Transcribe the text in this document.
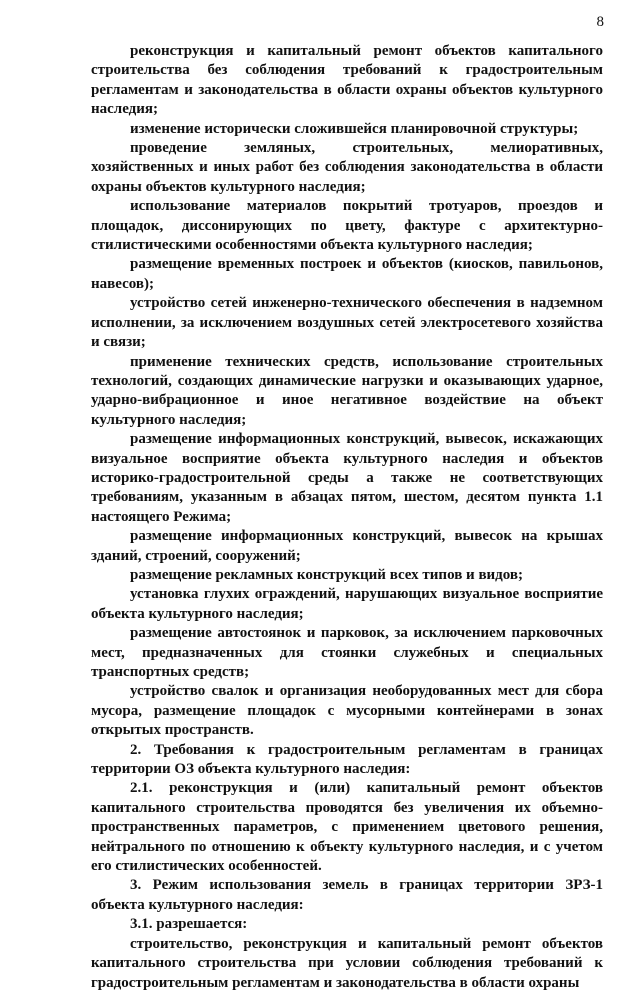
8

реконструкция и капитальный ремонт объектов капитального строительства без соблюдения требований к градостроительным регламентам и законодательства в области охраны объектов культурного наследия;

изменение исторически сложившейся планировочной структуры;

проведение земляных, строительных, мелиоративных, хозяйственных и иных работ без соблюдения законодательства в области охраны объектов культурного наследия;

использование материалов покрытий тротуаров, проездов и площадок, диссонирующих по цвету, фактуре с архитектурно-стилистическими особенностями объекта культурного наследия;

размещение временных построек и объектов (киосков, павильонов, навесов);

устройство сетей инженерно-технического обеспечения в надземном исполнении, за исключением воздушных сетей электросетевого хозяйства и связи;

применение технических средств, использование строительных технологий, создающих динамические нагрузки и оказывающих ударное, ударно-вибрационное и иное негативное воздействие на объект культурного наследия;

размещение информационных конструкций, вывесок, искажающих визуальное восприятие объекта культурного наследия и объектов историко-градостроительной среды а также не соответствующих требованиям, указанным в абзацах пятом, шестом, десятом пункта 1.1 настоящего Режима;

размещение информационных конструкций, вывесок на крышах зданий, строений, сооружений;

размещение рекламных конструкций всех типов и видов;

установка глухих ограждений, нарушающих визуальное восприятие объекта культурного наследия;

размещение автостоянок и парковок, за исключением парковочных мест, предназначенных для стоянки служебных и специальных транспортных средств;

устройство свалок и организация необорудованных мест для сбора мусора, размещение площадок с мусорными контейнерами в зонах открытых пространств.

2. Требования к градостроительным регламентам в границах территории ОЗ объекта культурного наследия:

2.1. реконструкция и (или) капитальный ремонт объектов капитального строительства проводятся без увеличения их объемно-пространственных параметров, с применением цветового решения, нейтрального по отношению к объекту культурного наследия, и с учетом его стилистических особенностей.

3. Режим использования земель в границах территории ЗРЗ-1 объекта культурного наследия:

3.1. разрешается:

строительство, реконструкция и капитальный ремонт объектов капитального строительства при условии соблюдения требований к градостроительным регламентам и законодательства в области охраны
